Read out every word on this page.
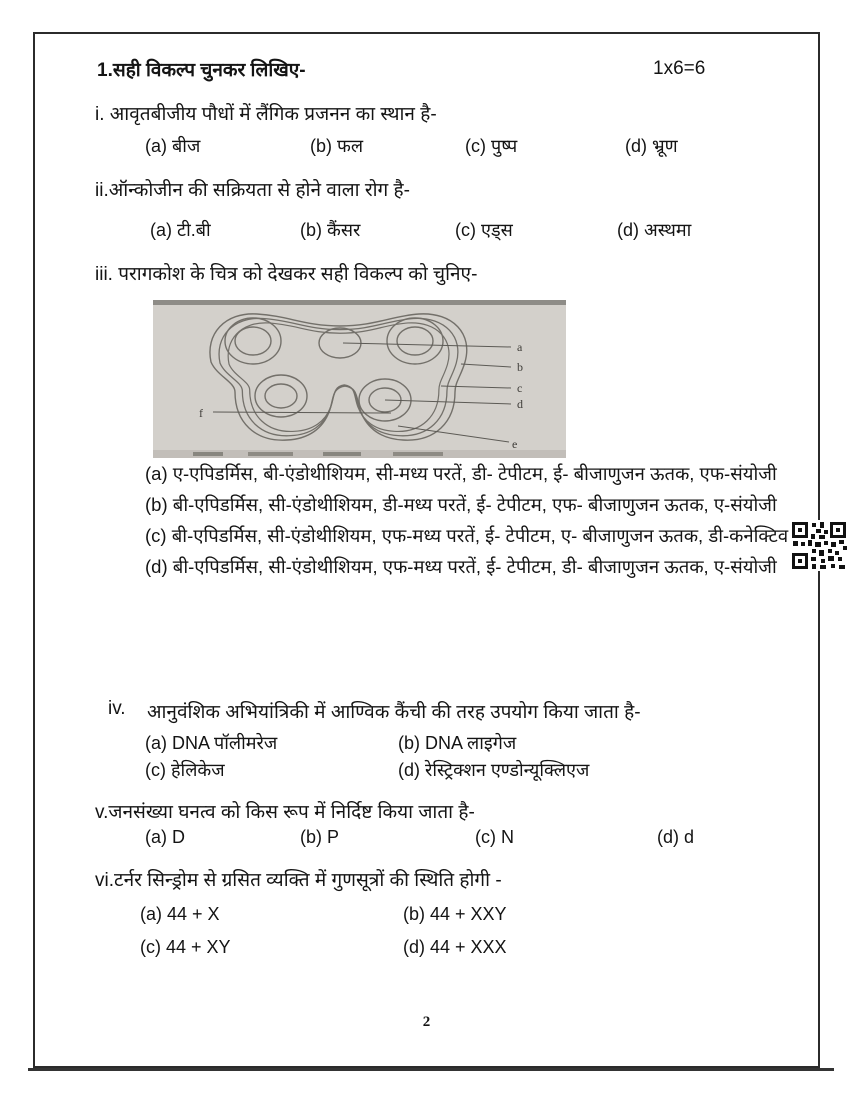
1.सही विकल्प चुनकर लिखिए-	1x6=6
i. आवृतबीजीय पौधों में लैंगिक प्रजनन का स्थान है-
(a) बीज	(b) फल	(c) पुष्प	(d) भ्रूण
ii.ऑन्कोजीन की सक्रियता से होने वाला रोग है-
(a) टी.बी	(b) कैंसर	(c) एड्स	(d) अस्थमा
iii. परागकोश के चित्र को देखकर सही विकल्प को चुनिए-
a
b
c
d
e
f
(a) ए-एपिडर्मिस, बी-एंडोथीशियम, सी-मध्य परतें, डी- टेपीटम, ई- बीजाणुजन ऊतक, एफ-संयोजी
(b) बी-एपिडर्मिस, सी-एंडोथीशियम, डी-मध्य परतें, ई- टेपीटम, एफ- बीजाणुजन ऊतक, ए-संयोजी
(c) बी-एपिडर्मिस, सी-एंडोथीशियम, एफ-मध्य परतें, ई- टेपीटम, ए- बीजाणुजन ऊतक, डी-कनेक्टिव
(d) बी-एपिडर्मिस, सी-एंडोथीशियम, एफ-मध्य परतें, ई- टेपीटम, डी- बीजाणुजन ऊतक, ए-संयोजी
iv. आनुवंशिक अभियांत्रिकी में आण्विक कैंची की तरह उपयोग किया जाता है-
(a) DNA पॉलीमरेज	(b) DNA लाइगेज
(c) हेलिकेज	(d) रेस्ट्रिक्शन एण्डोन्यूक्लिएज
v.जनसंख्या घनत्व को किस रूप में निर्दिष्ट किया जाता है-
(a) D	(b) P	(c) N	(d) d
vi.टर्नर सिन्ड्रोम से ग्रसित व्यक्ति में गुणसूत्रों की स्थिति होगी -
(a) 44 + X	(b) 44 + XXY
(c) 44 + XY	(d) 44 + XXX
2
